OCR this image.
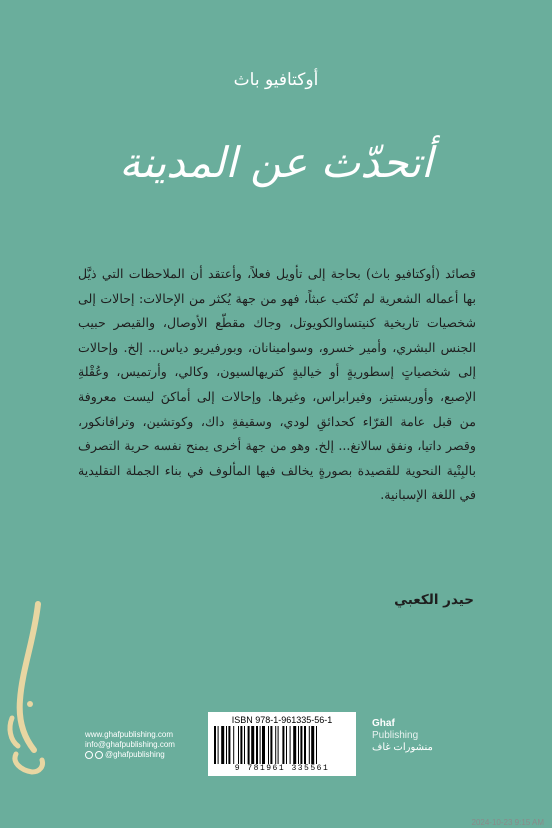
أوكتافيو باث
أتحدّث عن المدينة
قصائد (أوكتافيو باث) بحاجة إلى تأويل فعلاً، وأعتقد أن الملاحظات التي ذيَّل بها أعماله الشعرية لم تُكتب عبثاً، فهو من جهة يُكثر من الإحالات: إحالات إلى شخصيات تاريخية كنيتساوالكويوتل، وجاك مقطّع الأوصال، والقيصر حبيب الجنس البشري، وأمير خسرو، وسوامينانان، وبورفيريو دياس... إلخ. وإحالات إلى شخصياتٍ إسطوريةٍ أو خياليةٍ كتريهالسيون، وكالي، وأرتميس، وعُقْلةِ الإصبع، وأوريستيز، وفيرابراس، وغيرها. وإحالات إلى أماكنَ ليست معروفة من قبل عامة القرّاء كحدائقِ لودي، وسقيفةِ داك، وكوتشين، وترافانكور، وقصر داتيا، ونفق سالانغ... إلخ. وهو من جهة أخرى يمنح نفسه حرية التصرف بالبِنْية النحوية للقصيدة بصورةٍ يخالف فيها المألوف في بناء الجملة التقليدية في اللغة الإسبانية.
حيدر الكعبي
www.ghafpublishing.com
info@ghafpublishing.com
@ghafpublishing
ISBN 978-1-961335-56-1
9 781961 335561
Ghaf
Publishing
منشورات غاف
2024-10-23 9:15 AM
